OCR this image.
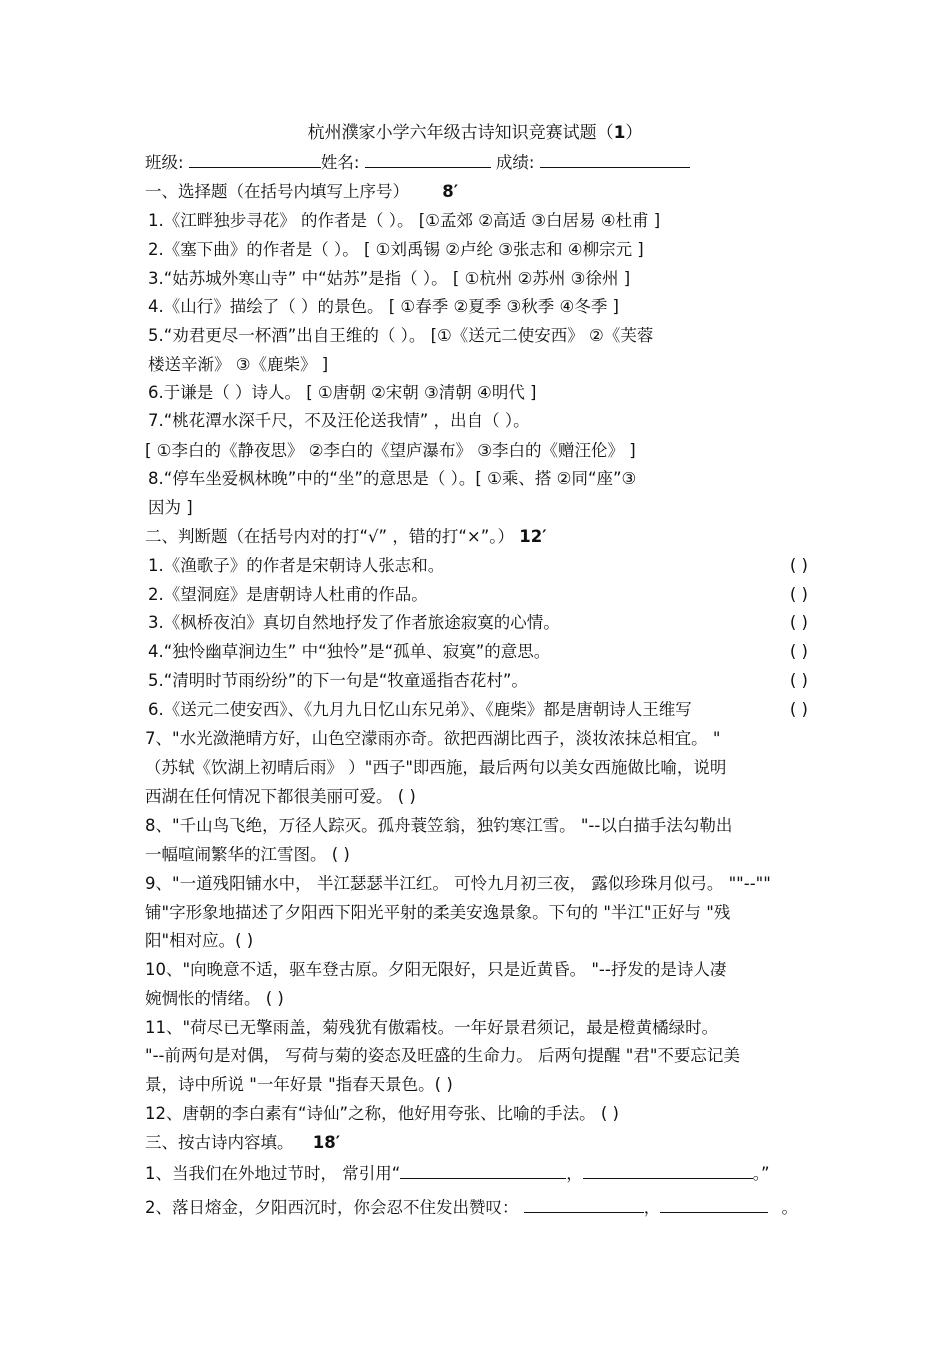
杭州濮家小学六年级古诗知识竞赛试题（1）
班级:	姓名:	成绩:
一、选择题（在括号内填写上序号） 8′
1.《江畔独步寻花》 的作者是（ ）。 [①孟郊 ②高适 ③白居易 ④杜甫 ]
2.《塞下曲》的作者是（ ）。 [ ①刘禹锡 ②卢纶 ③张志和 ④柳宗元 ]
3.“姑苏城外寒山寺” 中“姑苏”是指（ ）。 [ ①杭州 ②苏州 ③徐州 ]
4.《山行》描绘了（ ）的景色。 [ ①春季 ②夏季 ③秋季 ④冬季 ]
5.“劝君更尽一杯酒”出自王维的（ ）。 [①《送元二使安西》 ②《芙蓉
楼送辛渐》 ③《鹿柴》 ]
6.于谦是（ ）诗人。 [ ①唐朝 ②宋朝 ③清朝 ④明代 ]
7.“桃花潭水深千尺，不及汪伦送我情” ，出自（ ）。
[ ①李白的《静夜思》 ②李白的《望庐瀑布》 ③李白的《赠汪伦》 ]
8.“停车坐爱枫林晚”中的“坐”的意思是（ ）。[ ①乘、搭 ②同“座”③
因为 ]
二、判断题（在括号内对的打“√” ，错的打“×”。） 12′
1.《渔歌子》的作者是宋朝诗人张志和。	( )
2.《望洞庭》是唐朝诗人杜甫的作品。	( )
3.《枫桥夜泊》真切自然地抒发了作者旅途寂寞的心情。	( )
4.“独怜幽草涧边生” 中“独怜”是“孤单、寂寞”的意思。	( )
5.“清明时节雨纷纷”的下一句是“牧童遥指杏花村”。	( )
6.《送元二使安西》、《九月九日忆山东兄弟》、《鹿柴》都是唐朝诗人王维写	( )
7、"水光潋滟晴方好，山色空濛雨亦奇。欲把西湖比西子，淡妆浓抹总相宜。 "
（苏轼《饮湖上初晴后雨》 ）"西子"即西施，最后两句以美女西施做比喻，说明
西湖在任何情况下都很美丽可爱。 ( )
8、"千山鸟飞绝，万径人踪灭。孤舟蓑笠翁，独钓寒江雪。 "--以白描手法勾勒出
一幅喧闹繁华的江雪图。 ( )
9、"一道残阳铺水中， 半江瑟瑟半江红。 可怜九月初三夜， 露似珍珠月似弓。 ""--""
铺"字形象地描述了夕阳西下阳光平射的柔美安逸景象。下句的 "半江"正好与 "残
阳"相对应。( )
10、"向晚意不适，驱车登古原。夕阳无限好，只是近黄昏。 "--抒发的是诗人凄
婉惆怅的情绪。 ( )
11、"荷尽已无擎雨盖，菊残犹有傲霜枝。一年好景君须记，最是橙黄橘绿时。
"--前两句是对偶， 写荷与菊的姿态及旺盛的生命力。 后两句提醒 "君"不要忘记美
景，诗中所说 "一年好景 "指春天景色。( )
12、唐朝的李白素有“诗仙”之称，他好用夸张、比喻的手法。 ( )
三、按古诗内容填。 18′
1、当我们在外地过节时， 常引用“	，	。”
2、落日熔金，夕阳西沉时，你会忍不住发出赞叹：	，	。
